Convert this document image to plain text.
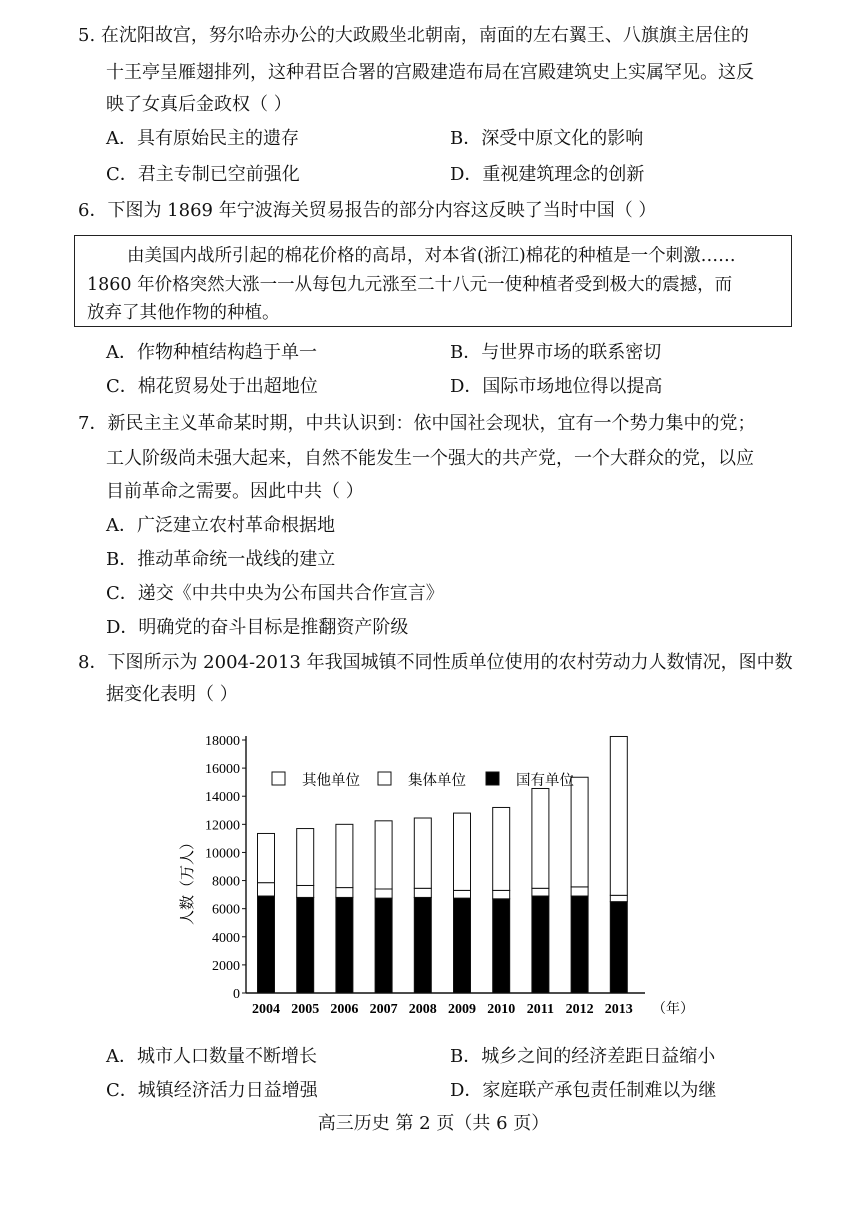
5. 在沈阳故宫，努尔哈赤办公的大政殿坐北朝南，南面的左右翼王、八旗旗主居住的
十王亭呈雁翅排列，这种君臣合署的宫殿建造布局在宫殿建筑史上实属罕见。这反
映了女真后金政权（ ）
A．具有原始民主的遗存	B．深受中原文化的影响
C．君主专制已空前强化	D．重视建筑理念的创新
6．下图为 1869 年宁波海关贸易报告的部分内容这反映了当时中国（ ）
由美国内战所引起的棉花价格的高昂，对本省(浙江)棉花的种植是一个刺激……
1860 年价格突然大涨一一从每包九元涨至二十八元一使种植者受到极大的震撼，而
放弃了其他作物的种植。
A．作物种植结构趋于单一	B．与世界市场的联系密切
C．棉花贸易处于出超地位	D．国际市场地位得以提高
7．新民主主义革命某时期，中共认识到：依中国社会现状，宜有一个势力集中的党；
工人阶级尚未强大起来，自然不能发生一个强大的共产党，一个大群众的党，以应
目前革命之需要。因此中共（ ）
A．广泛建立农村革命根据地
B．推动革命统一战线的建立
C．递交《中共中央为公布国共合作宣言》
D．明确党的奋斗目标是推翻资产阶级
8．下图所示为 2004-2013 年我国城镇不同性质单位使用的农村劳动力人数情况，图中数
据变化表明（ ）
0
2000
4000
6000
8000
10000
12000
14000
16000
18000
人数（万人）
2004 2005 2006 2007 2008 2009 2010 2011 2012 2013 （年）
其他单位	集体单位	国有单位
A．城市人口数量不断增长	B．城乡之间的经济差距日益缩小
C．城镇经济活力日益增强	D．家庭联产承包责任制难以为继
高三历史 第 2 页（共 6 页）
